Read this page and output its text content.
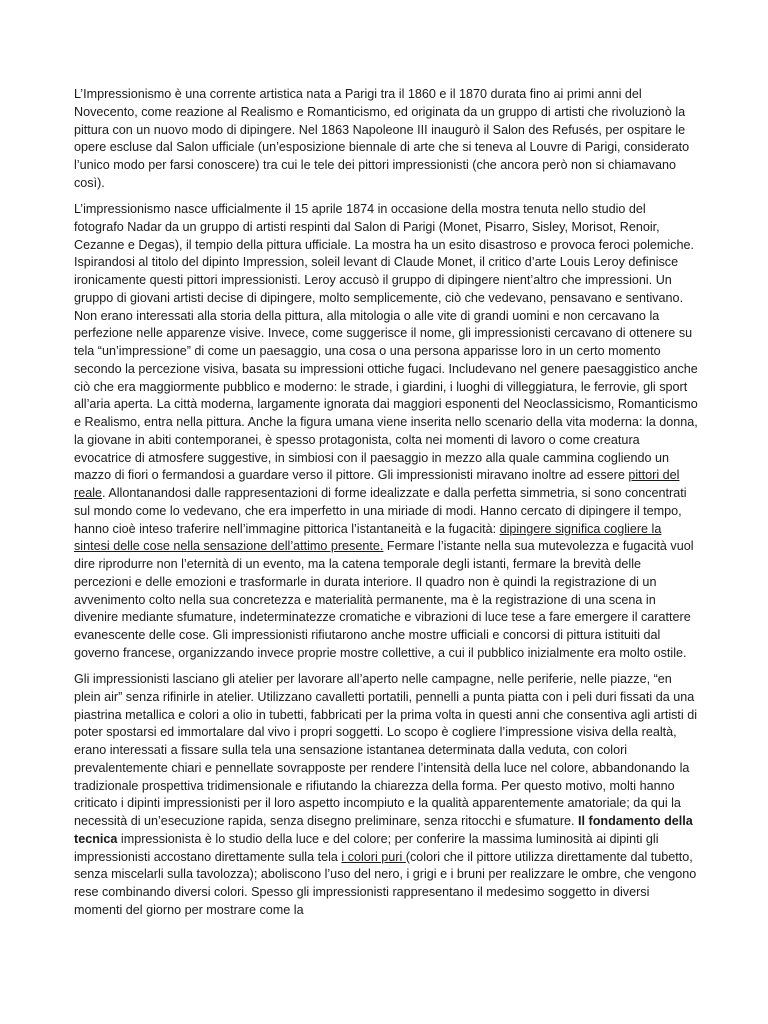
L’Impressionismo è una corrente artistica nata a Parigi tra il 1860 e il 1870 durata fino ai primi anni del Novecento, come reazione al Realismo e Romanticismo, ed originata da un gruppo di artisti che rivoluzionò la pittura con un nuovo modo di dipingere. Nel 1863 Napoleone III inaugurò il Salon des Refusés, per ospitare le opere escluse dal Salon ufficiale (un’esposizione biennale di arte che si teneva al Louvre di Parigi, considerato l’unico modo per farsi conoscere) tra cui le tele dei pittori impressionisti (che ancora però non si chiamavano così).

L’impressionismo nasce ufficialmente il 15 aprile 1874 in occasione della mostra tenuta nello studio del fotografo Nadar da un gruppo di artisti respinti dal Salon di Parigi (Monet, Pisarro, Sisley, Morisot, Renoir, Cezanne e Degas), il tempio della pittura ufficiale. La mostra ha un esito disastroso e provoca feroci polemiche. Ispirandosi al titolo del dipinto Impression, soleil levant di Claude Monet, il critico d’arte Louis Leroy definisce ironicamente questi pittori impressionisti. Leroy accusò il gruppo di dipingere nient’altro che impressioni. Un gruppo di giovani artisti decise di dipingere, molto semplicemente, ciò che vedevano, pensavano e sentivano. Non erano interessati alla storia della pittura, alla mitologia o alle vite di grandi uomini e non cercavano la perfezione nelle apparenze visive. Invece, come suggerisce il nome, gli impressionisti cercavano di ottenere su tela “un’impressione” di come un paesaggio, una cosa o una persona apparisse loro in un certo momento secondo la percezione visiva, basata su impressioni ottiche fugaci. Includevano nel genere paesaggistico anche ciò che era maggiormente pubblico e moderno: le strade, i giardini, i luoghi di villeggiatura, le ferrovie, gli sport all’aria aperta. La città moderna, largamente ignorata dai maggiori esponenti del Neoclassicismo, Romanticismo e Realismo, entra nella pittura. Anche la figura umana viene inserita nello scenario della vita moderna: la donna, la giovane in abiti contemporanei, è spesso protagonista, colta nei momenti di lavoro o come creatura evocatrice di atmosfere suggestive, in simbiosi con il paesaggio in mezzo alla quale cammina cogliendo un mazzo di fiori o fermandosi a guardare verso il pittore. Gli impressionisti miravano inoltre ad essere pittori del reale. Allontanandosi dalle rappresentazioni di forme idealizzate e dalla perfetta simmetria, si sono concentrati sul mondo come lo vedevano, che era imperfetto in una miriade di modi. Hanno cercato di dipingere il tempo, hanno cioè inteso traferire nell’immagine pittorica l’istantaneità e la fugacità: dipingere significa cogliere la sintesi delle cose nella sensazione dell’attimo presente. Fermare l’istante nella sua mutevolezza e fugacità vuol dire riprodurre non l’eternità di un evento, ma la catena temporale degli istanti, fermare la brevità delle percezioni e delle emozioni e trasformarle in durata interiore. Il quadro non è quindi la registrazione di un avvenimento colto nella sua concretezza e materialità permanente, ma è la registrazione di una scena in divenire mediante sfumature, indeterminatezze cromatiche e vibrazioni di luce tese a fare emergere il carattere evanescente delle cose. Gli impressionisti rifiutarono anche mostre ufficiali e concorsi di pittura istituiti dal governo francese, organizzando invece proprie mostre collettive, a cui il pubblico inizialmente era molto ostile.

Gli impressionisti lasciano gli atelier per lavorare all’aperto nelle campagne, nelle periferie, nelle piazze, “en plein air” senza rifinirle in atelier. Utilizzano cavalletti portatili, pennelli a punta piatta con i peli duri fissati da una piastrina metallica e colori a olio in tubetti, fabbricati per la prima volta in questi anni che consentiva agli artisti di poter spostarsi ed immortalare dal vivo i propri soggetti. Lo scopo è cogliere l’impressione visiva della realtà, erano interessati a fissare sulla tela una sensazione istantanea determinata dalla veduta, con colori prevalentemente chiari e pennellate sovrapposte per rendere l’intensità della luce nel colore, abbandonando la tradizionale prospettiva tridimensionale e rifiutando la chiarezza della forma. Per questo motivo, molti hanno criticato i dipinti impressionisti per il loro aspetto incompiuto e la qualità apparentemente amatoriale; da qui la necessità di un’esecuzione rapida, senza disegno preliminare, senza ritocchi e sfumature. Il fondamento della tecnica impressionista è lo studio della luce e del colore; per conferire la massima luminosità ai dipinti gli impressionisti accostano direttamente sulla tela i colori puri (colori che il pittore utilizza direttamente dal tubetto, senza miscelarli sulla tavolozza); aboliscono l’uso del nero, i grigi e i bruni per realizzare le ombre, che vengono rese combinando diversi colori. Spesso gli impressionisti rappresentano il medesimo soggetto in diversi momenti del giorno per mostrare come la
